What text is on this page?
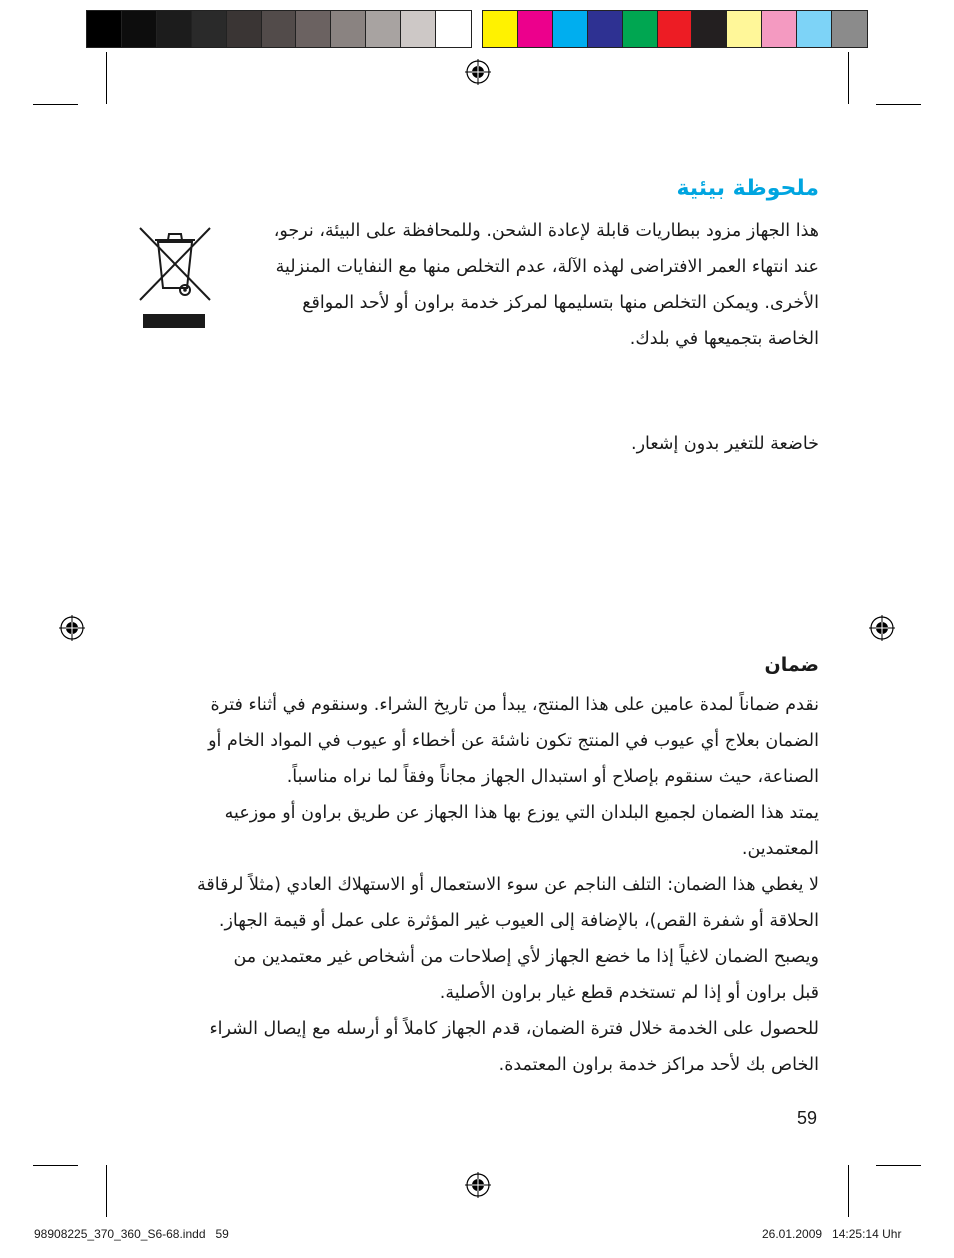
ملحوظة بيئية

هذا الجهاز مزود ببطاريات قابلة لإعادة الشحن. وللمحافظة على البيئة، نرجو،

عند انتهاء العمر الافتراضى لهذه الآلة، عدم التخلص منها مع النفايات المنزلية

الأخرى. ويمكن التخلص منها بتسليمها لمركز خدمة براون أو لأحد المواقع

الخاصة بتجميعها في بلدك.

خاضعة للتغير بدون إشعار.

ضمان

نقدم ضماناً لمدة عامين على هذا المنتج، يبدأ من تاريخ الشراء. وسنقوم في أثناء فترة

الضمان بعلاج أي عيوب في المنتج تكون ناشئة عن أخطاء أو عيوب في المواد الخام أو

الصناعة، حيث سنقوم بإصلاح أو استبدال الجهاز مجاناً وفقاً لما نراه مناسباً.

يمتد هذا الضمان لجميع البلدان التي يوزع بها هذا الجهاز عن طريق براون أو موزعيه

المعتمدين.

لا يغطي هذا الضمان: التلف الناجم عن سوء الاستعمال أو الاستهلاك العادي (مثلاً لرقاقة

الحلاقة أو شفرة القص)، بالإضافة إلى العيوب غير المؤثرة على عمل أو قيمة الجهاز.

ويصبح الضمان لاغياً إذا ما خضع الجهاز لأي إصلاحات من أشخاص غير معتمدين من

قبل براون أو إذا لم تستخدم قطع غيار براون الأصلية.

للحصول على الخدمة خلال فترة الضمان، قدم الجهاز كاملاً أو أرسله مع إيصال الشراء

الخاص بك لأحد مراكز خدمة براون المعتمدة.

59
98908225_370_360_S6-68.indd   59	26.01.2009   14:25:14 Uhr
